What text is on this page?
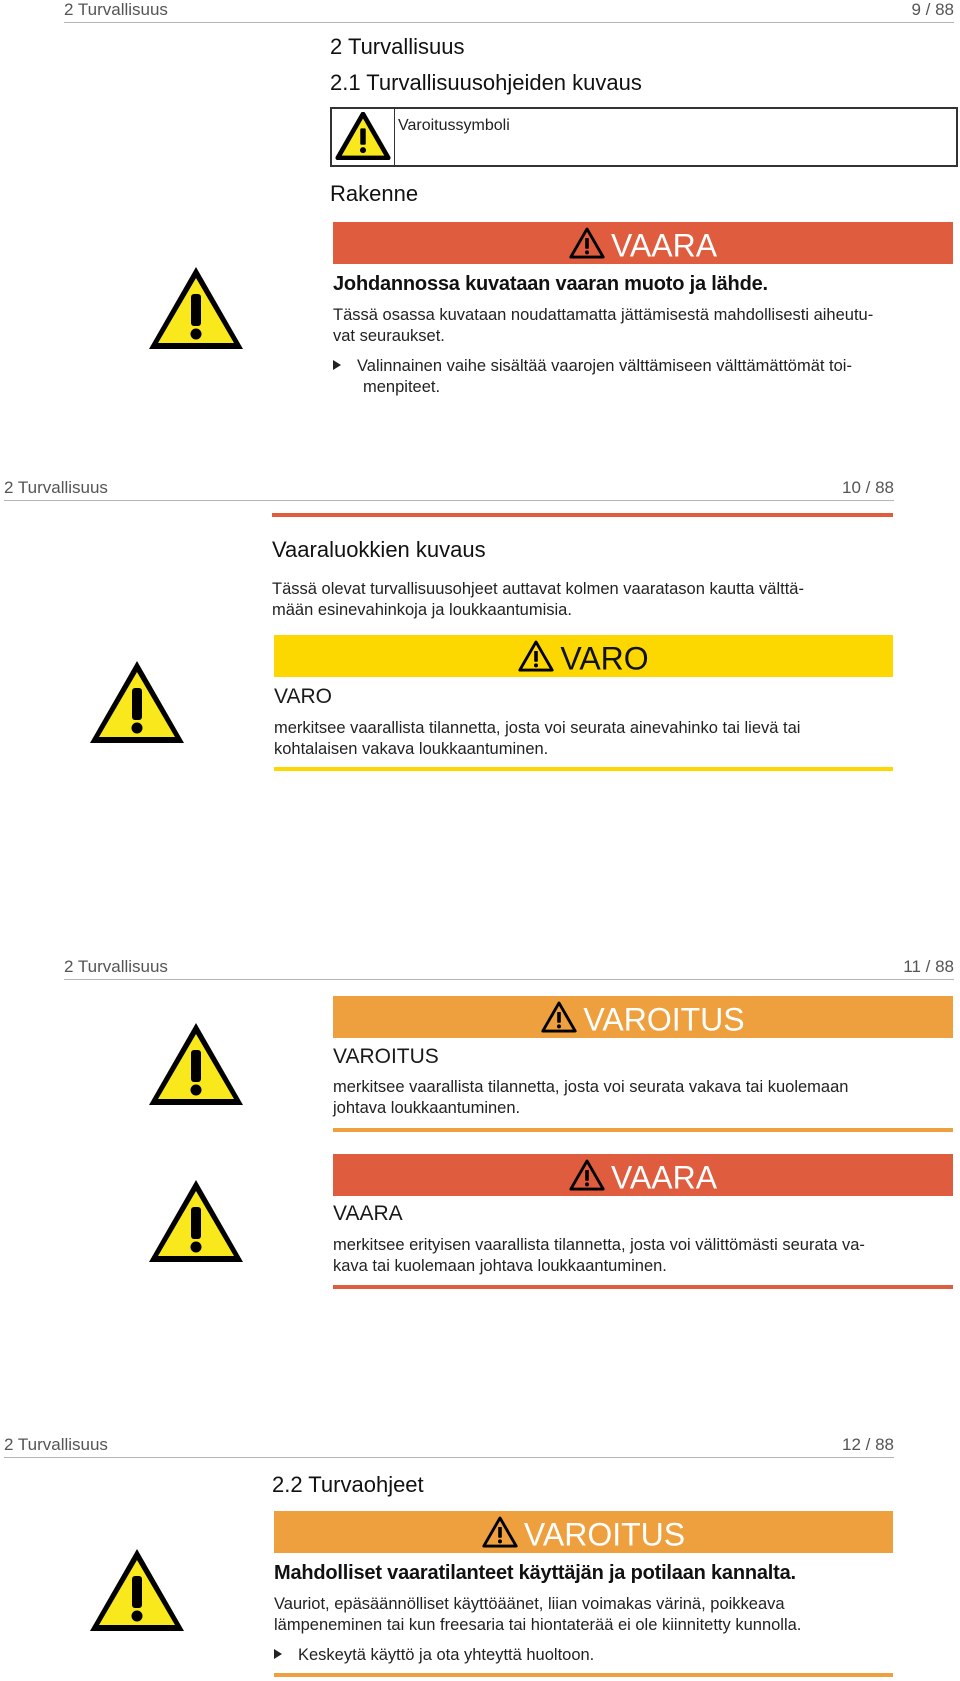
2 Turvallisuus	9 / 88
2 Turvallisuus
2.1 Turvallisuusohjeiden kuvaus
Varoitussymboli
Rakenne
VAARA
Johdannossa kuvataan vaaran muoto ja lähde.
Tässä osassa kuvataan noudattamatta jättämisestä mahdollisesti aiheutu-
vat seuraukset.
Valinnainen vaihe sisältää vaarojen välttämiseen välttämättömät toi-
menpiteet.
2 Turvallisuus	10 / 88
Vaaraluokkien kuvaus
Tässä olevat turvallisuusohjeet auttavat kolmen vaaratason kautta välttä-
mään esinevahinkoja ja loukkaantumisia.
VARO
VARO
merkitsee vaarallista tilannetta, josta voi seurata ainevahinko tai lievä tai
kohtalaisen vakava loukkaantuminen.
2 Turvallisuus	11 / 88
VAROITUS
VAROITUS
merkitsee vaarallista tilannetta, josta voi seurata vakava tai kuolemaan
johtava loukkaantuminen.
VAARA
VAARA
merkitsee erityisen vaarallista tilannetta, josta voi välittömästi seurata va-
kava tai kuolemaan johtava loukkaantuminen.
2 Turvallisuus	12 / 88
2.2 Turvaohjeet
VAROITUS
Mahdolliset vaaratilanteet käyttäjän ja potilaan kannalta.
Vauriot, epäsäännölliset käyttöäänet, liian voimakas värinä, poikkeava
lämpeneminen tai kun freesaria tai hiontaterää ei ole kiinnitetty kunnolla.
Keskeytä käyttö ja ota yhteyttä huoltoon.
